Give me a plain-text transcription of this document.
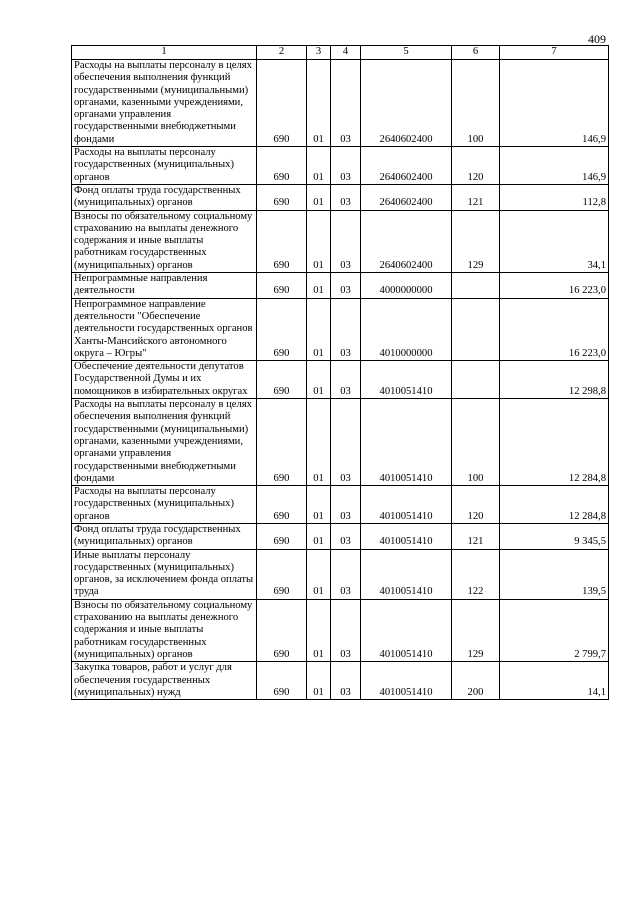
409
1	2	3	4	5	6	7
Расходы на выплаты персоналу в целях обеспечения выполнения функций государственными (муниципальными) органами, казенными учреждениями, органами управления государственными внебюджетными фондами	690	01	03	2640602400	100	146,9
Расходы на выплаты персоналу государственных (муниципальных) органов	690	01	03	2640602400	120	146,9
Фонд оплаты труда государственных (муниципальных) органов	690	01	03	2640602400	121	112,8
Взносы по обязательному социальному страхованию на выплаты денежного содержания и иные выплаты работникам государственных (муниципальных) органов	690	01	03	2640602400	129	34,1
Непрограммные направления деятельности	690	01	03	4000000000		16 223,0
Непрограммное направление деятельности "Обеспечение деятельности государственных органов Ханты-Мансийского автономного округа – Югры"	690	01	03	4010000000		16 223,0
Обеспечение деятельности депутатов Государственной Думы и их помощников в избирательных округах	690	01	03	4010051410		12 298,8
Расходы на выплаты персоналу в целях обеспечения выполнения функций государственными (муниципальными) органами, казенными учреждениями, органами управления государственными внебюджетными фондами	690	01	03	4010051410	100	12 284,8
Расходы на выплаты персоналу государственных (муниципальных) органов	690	01	03	4010051410	120	12 284,8
Фонд оплаты труда государственных (муниципальных) органов	690	01	03	4010051410	121	9 345,5
Иные выплаты персоналу государственных (муниципальных) органов, за исключением фонда оплаты труда	690	01	03	4010051410	122	139,5
Взносы по обязательному социальному страхованию на выплаты денежного содержания и иные выплаты работникам государственных (муниципальных) органов	690	01	03	4010051410	129	2 799,7
Закупка товаров, работ и услуг для обеспечения государственных (муниципальных) нужд	690	01	03	4010051410	200	14,1
